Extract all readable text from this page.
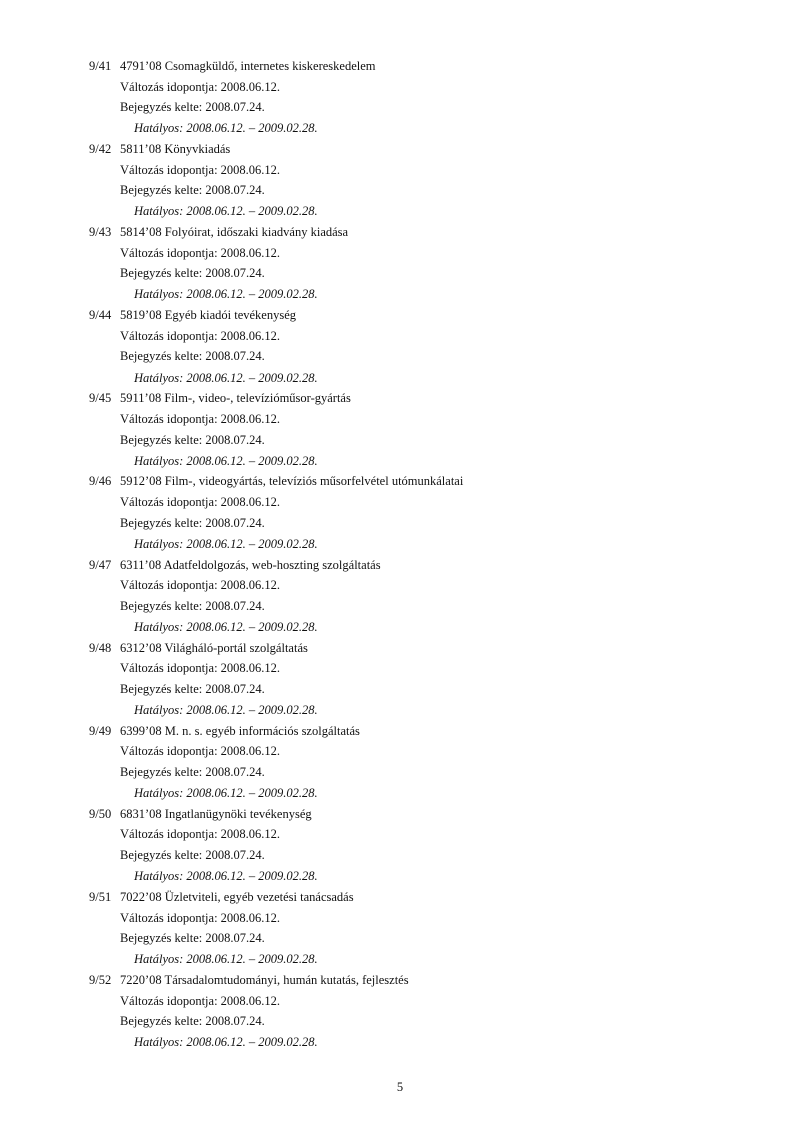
9/41 4791’08 Csomagküldő, internetes kiskereskedelem
Változás idopontja: 2008.06.12.
Bejegyzés kelte: 2008.07.24.
Hatályos: 2008.06.12. – 2009.02.28.
9/42 5811’08 Könyvkiadás
Változás idopontja: 2008.06.12.
Bejegyzés kelte: 2008.07.24.
Hatályos: 2008.06.12. – 2009.02.28.
9/43 5814’08 Folyóirat, időszaki kiadvány kiadása
Változás idopontja: 2008.06.12.
Bejegyzés kelte: 2008.07.24.
Hatályos: 2008.06.12. – 2009.02.28.
9/44 5819’08 Egyéb kiadói tevékenység
Változás idopontja: 2008.06.12.
Bejegyzés kelte: 2008.07.24.
Hatályos: 2008.06.12. – 2009.02.28.
9/45 5911’08 Film-, video-, televízióműsor-gyártás
Változás idopontja: 2008.06.12.
Bejegyzés kelte: 2008.07.24.
Hatályos: 2008.06.12. – 2009.02.28.
9/46 5912’08 Film-, videogyártás, televíziós műsorfelvétel utómunkálatai
Változás idopontja: 2008.06.12.
Bejegyzés kelte: 2008.07.24.
Hatályos: 2008.06.12. – 2009.02.28.
9/47 6311’08 Adatfeldolgozás, web-hoszting szolgáltatás
Változás idopontja: 2008.06.12.
Bejegyzés kelte: 2008.07.24.
Hatályos: 2008.06.12. – 2009.02.28.
9/48 6312’08 Világháló-portál szolgáltatás
Változás idopontja: 2008.06.12.
Bejegyzés kelte: 2008.07.24.
Hatályos: 2008.06.12. – 2009.02.28.
9/49 6399’08 M. n. s. egyéb információs szolgáltatás
Változás idopontja: 2008.06.12.
Bejegyzés kelte: 2008.07.24.
Hatályos: 2008.06.12. – 2009.02.28.
9/50 6831’08 Ingatlanügynöki tevékenység
Változás idopontja: 2008.06.12.
Bejegyzés kelte: 2008.07.24.
Hatályos: 2008.06.12. – 2009.02.28.
9/51 7022’08 Üzletviteli, egyéb vezetési tanácsadás
Változás idopontja: 2008.06.12.
Bejegyzés kelte: 2008.07.24.
Hatályos: 2008.06.12. – 2009.02.28.
9/52 7220’08 Társadalomtudományi, humán kutatás, fejlesztés
Változás idopontja: 2008.06.12.
Bejegyzés kelte: 2008.07.24.
Hatályos: 2008.06.12. – 2009.02.28.
5
